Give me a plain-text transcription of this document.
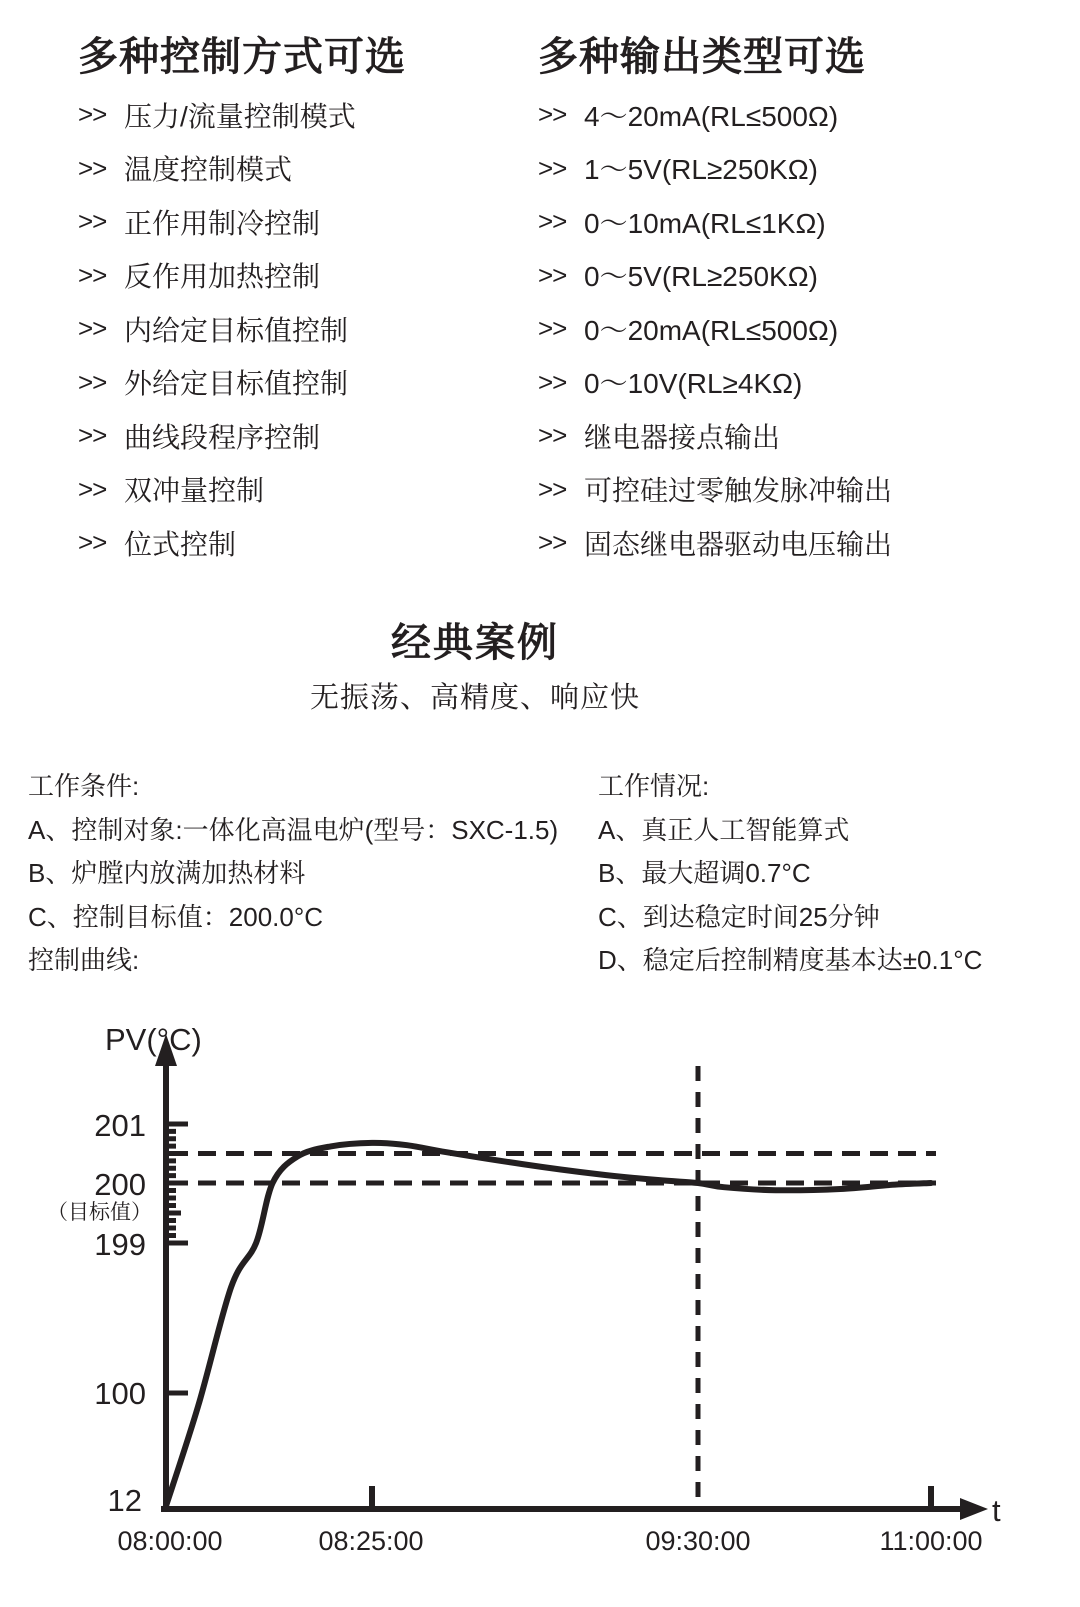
多种控制方式可选
>> 压力/流量控制模式
>> 温度控制模式
>> 正作用制冷控制
>> 反作用加热控制
>> 内给定目标值控制
>> 外给定目标值控制
>> 曲线段程序控制
>> 双冲量控制
>> 位式控制
多种输出类型可选
>> 4～20mA(RL≤500Ω)
>> 1～5V(RL≥250KΩ)
>> 0～10mA(RL≤1KΩ)
>> 0～5V(RL≥250KΩ)
>> 0～20mA(RL≤500Ω)
>> 0～10V(RL≥4KΩ)
>> 继电器接点输出
>> 可控硅过零触发脉冲输出
>> 固态继电器驱动电压输出
经典案例

无振荡、高精度、响应快

工作条件:

A、控制对象:一体化高温电炉(型号：SXC-1.5)

B、炉膛内放满加热材料

C、控制目标值：200.0°C

控制曲线:

工作情况:

A、真正人工智能算式

B、最大超调0.7°C

C、到达稳定时间25分钟

D、稳定后控制精度基本达±0.1°C

PV(°C)
201
200
（目标值）
199
100
12
08:00:00	08:25:00	09:30:00	11:00:00
t
